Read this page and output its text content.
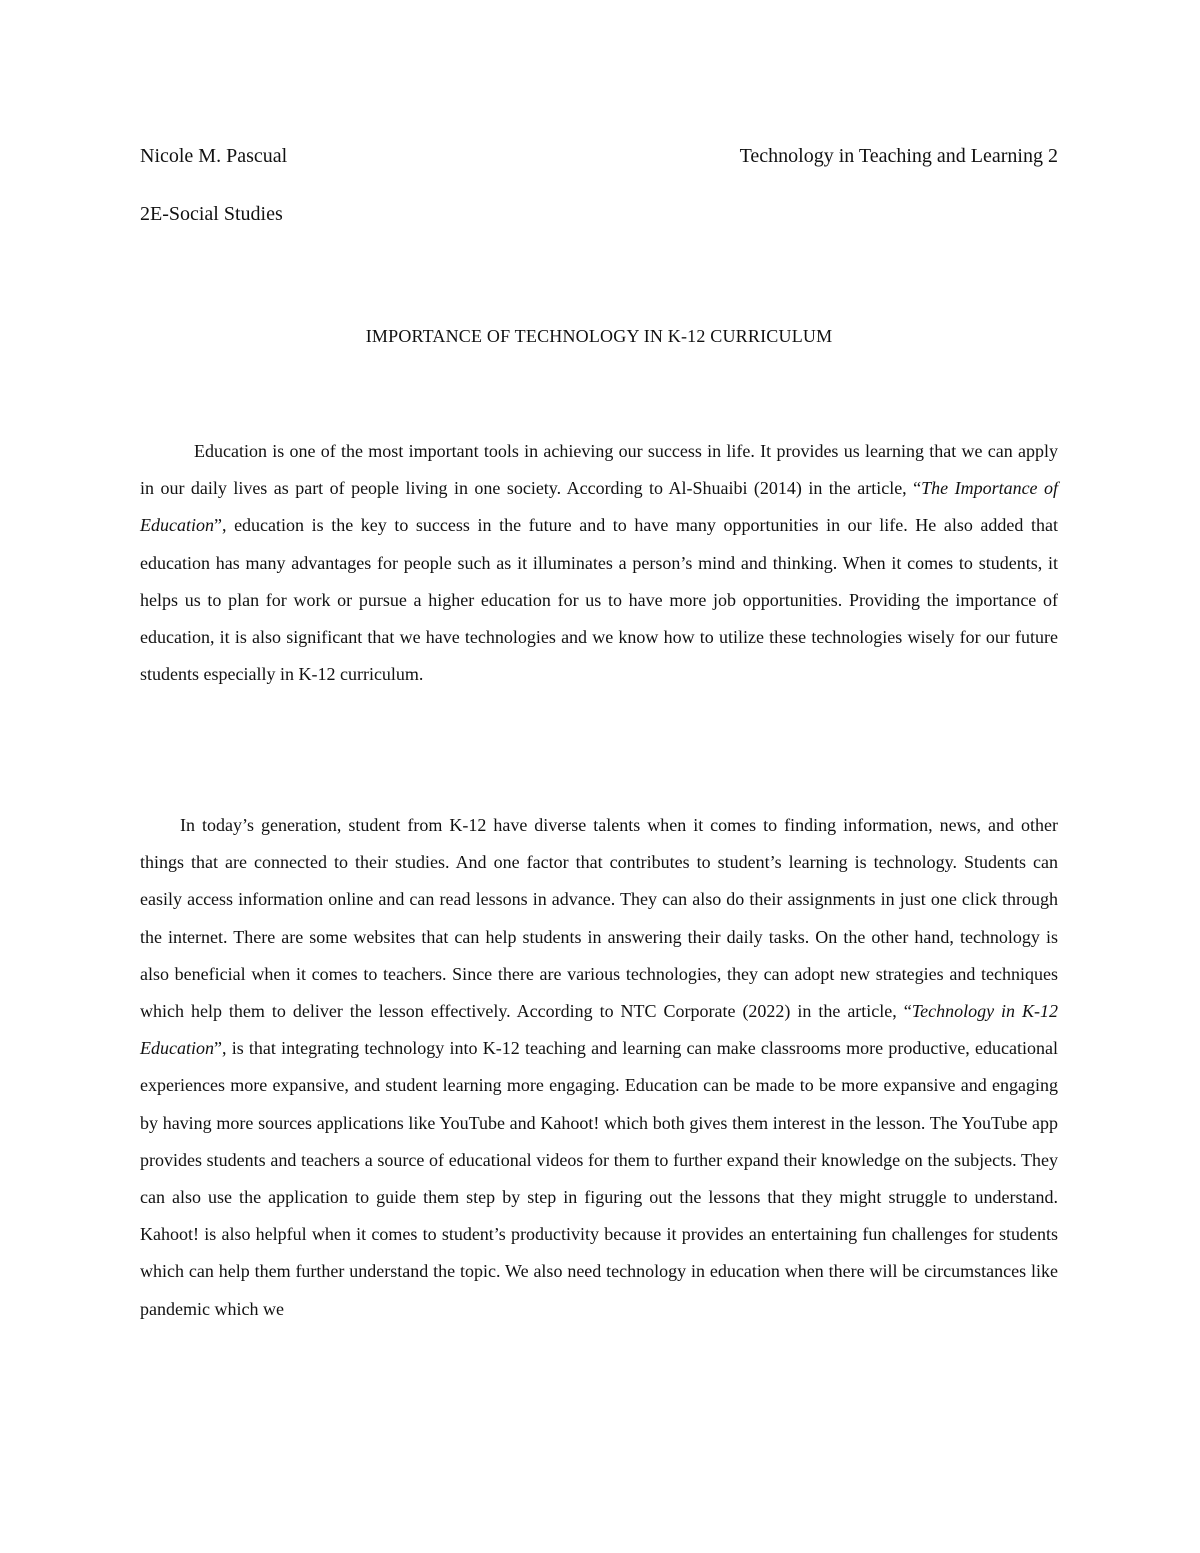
Nicole M. Pascual	Technology in Teaching and Learning 2
2E-Social Studies
IMPORTANCE OF TECHNOLOGY IN K-12 CURRICULUM

Education is one of the most important tools in achieving our success in life. It provides us learning that we can apply in our daily lives as part of people living in one society. According to Al-Shuaibi (2014) in the article, “The Importance of Education”, education is the key to success in the future and to have many opportunities in our life. He also added that education has many advantages for people such as it illuminates a person’s mind and thinking. When it comes to students, it helps us to plan for work or pursue a higher education for us to have more job opportunities. Providing the importance of education, it is also significant that we have technologies and we know how to utilize these technologies wisely for our future students especially in K-12 curriculum.

In today’s generation, student from K-12 have diverse talents when it comes to finding information, news, and other things that are connected to their studies. And one factor that contributes to student’s learning is technology. Students can easily access information online and can read lessons in advance. They can also do their assignments in just one click through the internet. There are some websites that can help students in answering their daily tasks. On the other hand, technology is also beneficial when it comes to teachers. Since there are various technologies, they can adopt new strategies and techniques which help them to deliver the lesson effectively. According to NTC Corporate (2022) in the article, “Technology in K-12 Education”, is that integrating technology into K-12 teaching and learning can make classrooms more productive, educational experiences more expansive, and student learning more engaging. Education can be made to be more expansive and engaging by having more sources applications like YouTube and Kahoot! which both gives them interest in the lesson. The YouTube app provides students and teachers a source of educational videos for them to further expand their knowledge on the subjects. They can also use the application to guide them step by step in figuring out the lessons that they might struggle to understand. Kahoot! is also helpful when it comes to student’s productivity because it provides an entertaining fun challenges for students which can help them further understand the topic. We also need technology in education when there will be circumstances like pandemic which we
